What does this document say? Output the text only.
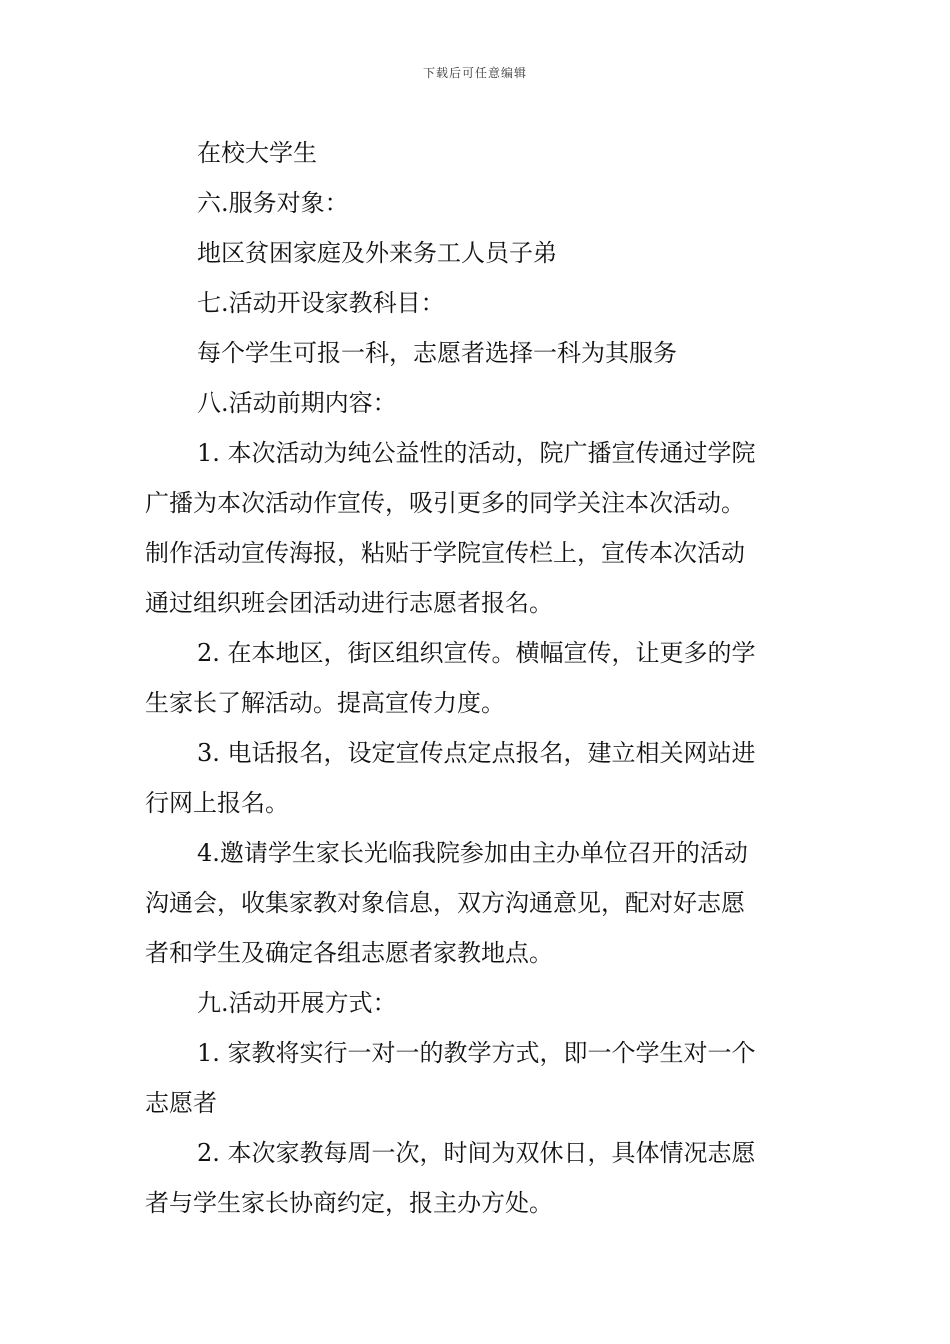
下载后可任意编辑
在校大学生
六.服务对象：
地区贫困家庭及外来务工人员子弟
七.活动开设家教科目：
每个学生可报一科，志愿者选择一科为其服务
八.活动前期内容：
1. 本次活动为纯公益性的活动，院广播宣传通过学院
广播为本次活动作宣传，吸引更多的同学关注本次活动。
制作活动宣传海报，粘贴于学院宣传栏上，宣传本次活动
通过组织班会团活动进行志愿者报名。
2. 在本地区，街区组织宣传。横幅宣传，让更多的学
生家长了解活动。提高宣传力度。
3. 电话报名，设定宣传点定点报名，建立相关网站进
行网上报名。
4.邀请学生家长光临我院参加由主办单位召开的活动
沟通会，收集家教对象信息，双方沟通意见，配对好志愿
者和学生及确定各组志愿者家教地点。
九.活动开展方式：
1. 家教将实行一对一的教学方式，即一个学生对一个
志愿者
2. 本次家教每周一次，时间为双休日，具体情况志愿
者与学生家长协商约定，报主办方处。
